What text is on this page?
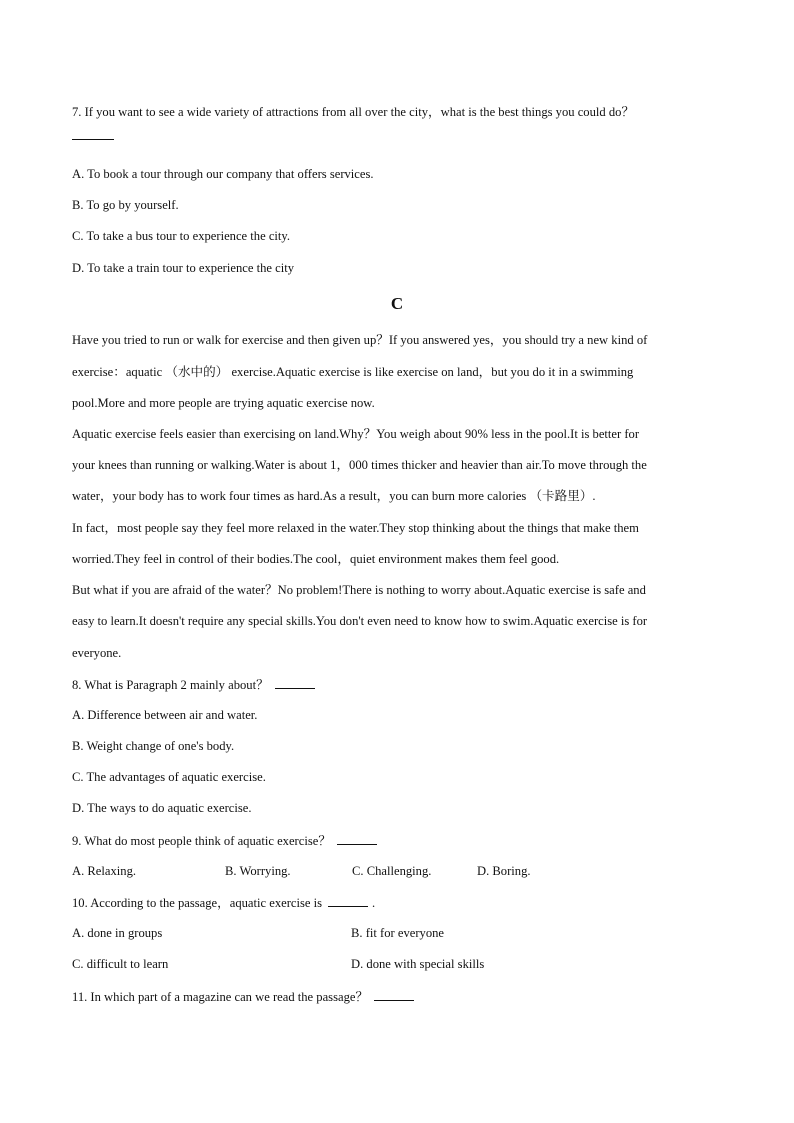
7. If you want to see a wide variety of attractions from all over the city，what is the best things you could do？
A. To book a tour through our company that offers services.
B. To go by yourself.
C. To take a bus tour to experience the city.
D. To take a train tour to experience the city
C
Have you tried to run or walk for exercise and then given up？If you answered yes，you should try a new kind of
exercise：aquatic （水中的） exercise.Aquatic exercise is like exercise on land，but you do it in a swimming
pool.More and more people are trying aquatic exercise now.
Aquatic exercise feels easier than exercising on land.Why？You weigh about 90% less in the pool.It is better for
your knees than running or walking.Water is about 1，000 times thicker and heavier than air.To move through the
water，your body has to work four times as hard.As a result，you can burn more calories （卡路里）.
In fact，most people say they feel more relaxed in the water.They stop thinking about the things that make them
worried.They feel in control of their bodies.The cool，quiet environment makes them feel good.
But what if you are afraid of the water？No problem!There is nothing to worry about.Aquatic exercise is safe and
easy to learn.It doesn't require any special skills.You don't even need to know how to swim.Aquatic exercise is for
everyone.
8. What is Paragraph 2 mainly about？
A. Difference between air and water.
B. Weight change of one's body.
C. The advantages of aquatic exercise.
D. The ways to do aquatic exercise.
9. What do most people think of aquatic exercise？
A. Relaxing.	B. Worrying.	C. Challenging.	D. Boring.
10. According to the passage，aquatic exercise is	.
A. done in groups	B. fit for everyone
C. difficult to learn	D. done with special skills
11. In which part of a magazine can we read the passage？
